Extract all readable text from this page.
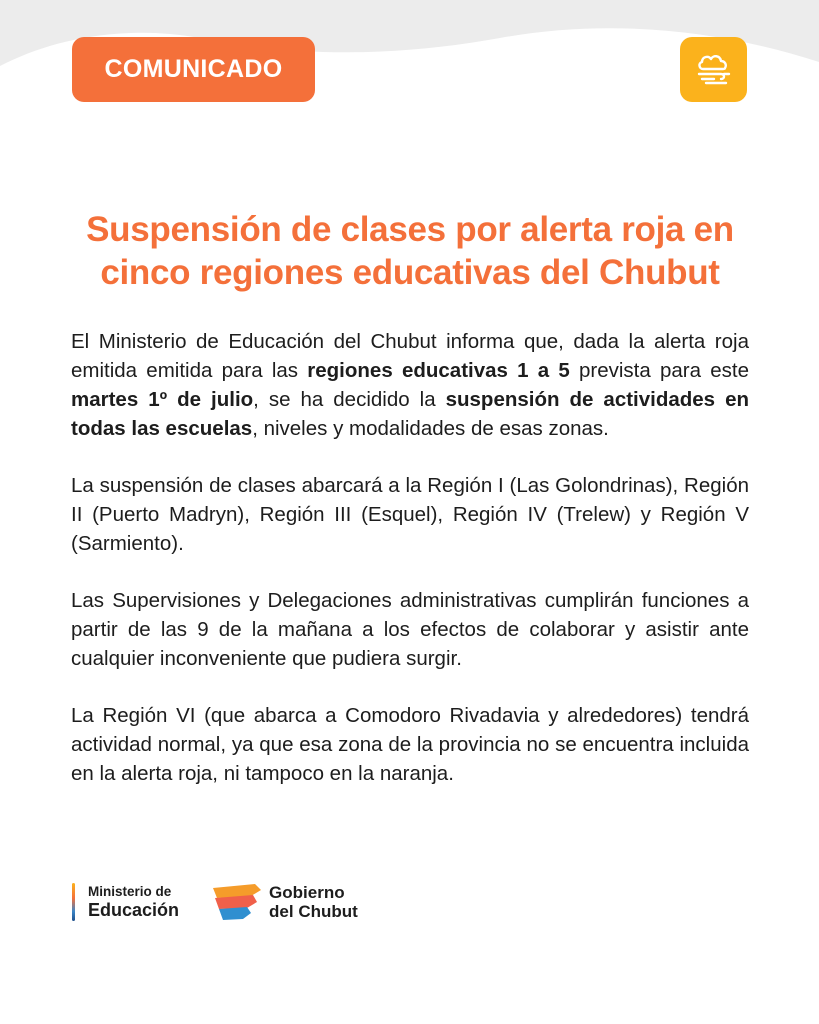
COMUNICADO
Suspensión de clases por alerta roja en
cinco regiones educativas del Chubut

El Ministerio de Educación del Chubut informa que, dada la alerta roja emitida emitida para las regiones educativas 1 a 5 prevista para este martes 1º de julio, se ha decidido la suspensión de actividades en todas las escuelas, niveles y modalidades de esas zonas.

La suspensión de clases abarcará a la Región I (Las Golondrinas), Región II (Puerto Madryn), Región III (Esquel), Región IV (Trelew) y Región V (Sarmiento).

Las Supervisiones y Delegaciones administrativas cumplirán funciones a partir de las 9 de la mañana a los efectos de colaborar y asistir ante cualquier inconveniente que pudiera surgir.

La Región VI (que abarca a Comodoro Rivadavia y alrededores) tendrá actividad normal, ya que esa zona de la provincia no se encuentra incluida en la alerta roja, ni tampoco en la naranja.

Ministerio de
Educación
Gobierno
del Chubut
